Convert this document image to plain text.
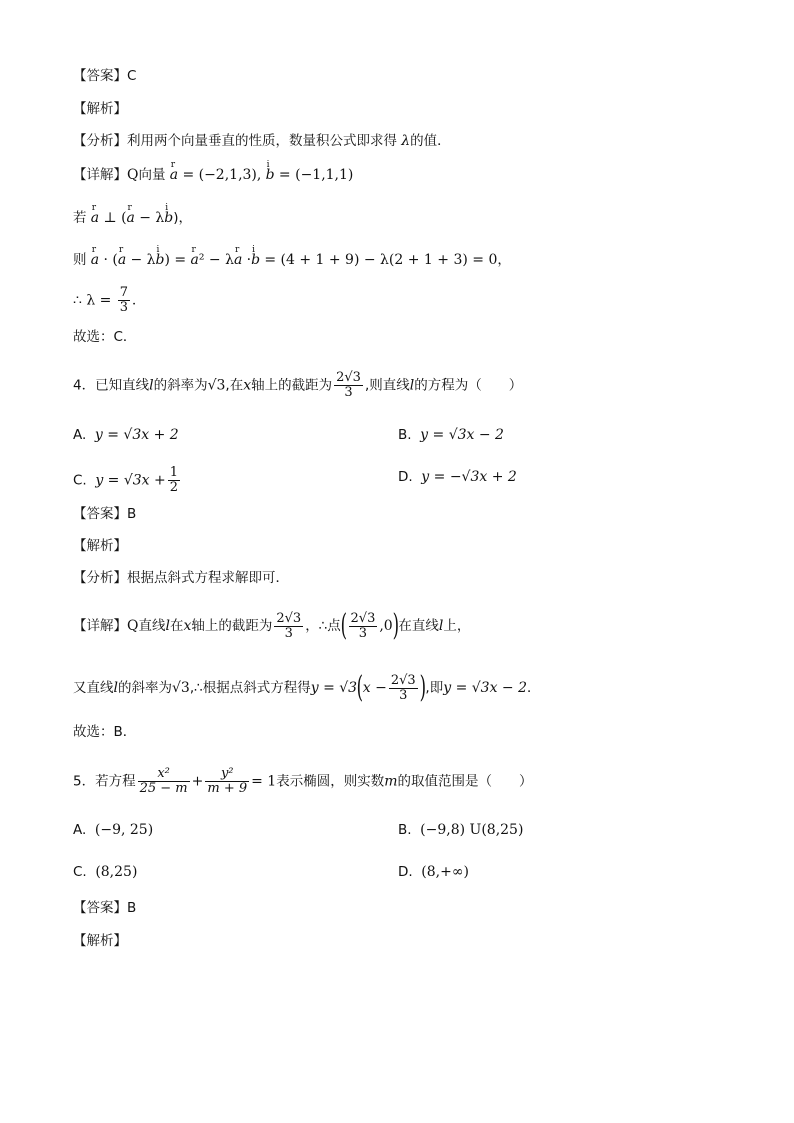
【答案】C
【解析】
【分析】利用两个向量垂直的性质，数量积公式即求得 λ的值．
【详解】Q向量 r a = (−2,1,3), i b = (−1,1,1)
若 r a ⊥ (r a − λi b)，
则 r a · (r a − λi b) = r a² − λr a ·i b = (4 + 1 + 9) − λ(2 + 1 + 3) = 0，
∴ $\lambda = \frac{7}{3}$ ．
故选：C．
4．已知直线l的斜率为√3,在x轴上的截距为 $\frac{2√3}{3}$ ,则直线l的方程为（　　）
A. y = √3x + 2	B. y = √3x − 2
C. $y = √3x + \frac{1}{2}$	D. y = −√3x + 2
【答案】B
【解析】
【分析】根据点斜式方程求解即可．
【详解】Q直线l在x轴上的截距为 $\frac{2√3}{3}$ ，∴点( $\frac{2√3}{3} ,0$)在直线l上，
又直线l的斜率为√3,∴根据点斜式方程得$y = √3(x - \frac{2√3}{3}$ ),即y = √3x − 2．
故选：B．
5．若方程 $\frac{\text{x²}}{25 - m} + \frac{\text{y²}}{m + 9} = 1$表示椭圆，则实数m的取值范围是（　　）
A. (−9, 25)	B. (−9,8) U(8,25)
C. (8,25)	D. (8,+∞)
【答案】B
【解析】
